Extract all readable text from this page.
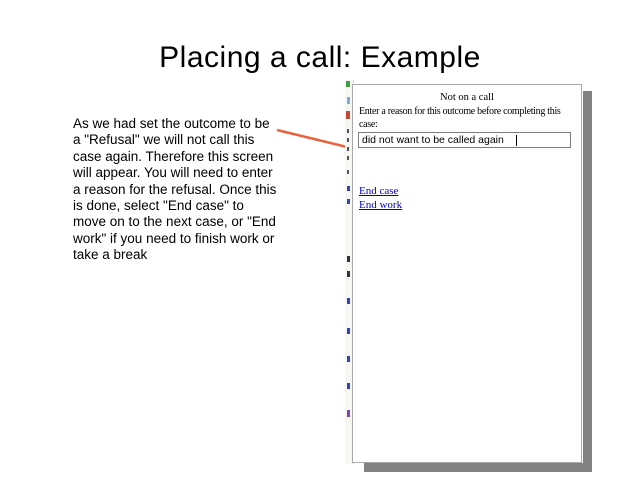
Placing a call: Example
As we had set the outcome to be a "Refusal" we will not call this case again. Therefore this screen will appear. You will need to enter a reason for the refusal. Once this is done, select "End case" to move on to the next case, or "End work" if you need to finish work or take a break
Not on a call
Enter a reason for this outcome before completing this case:
did not want to be called again
End case
End work
